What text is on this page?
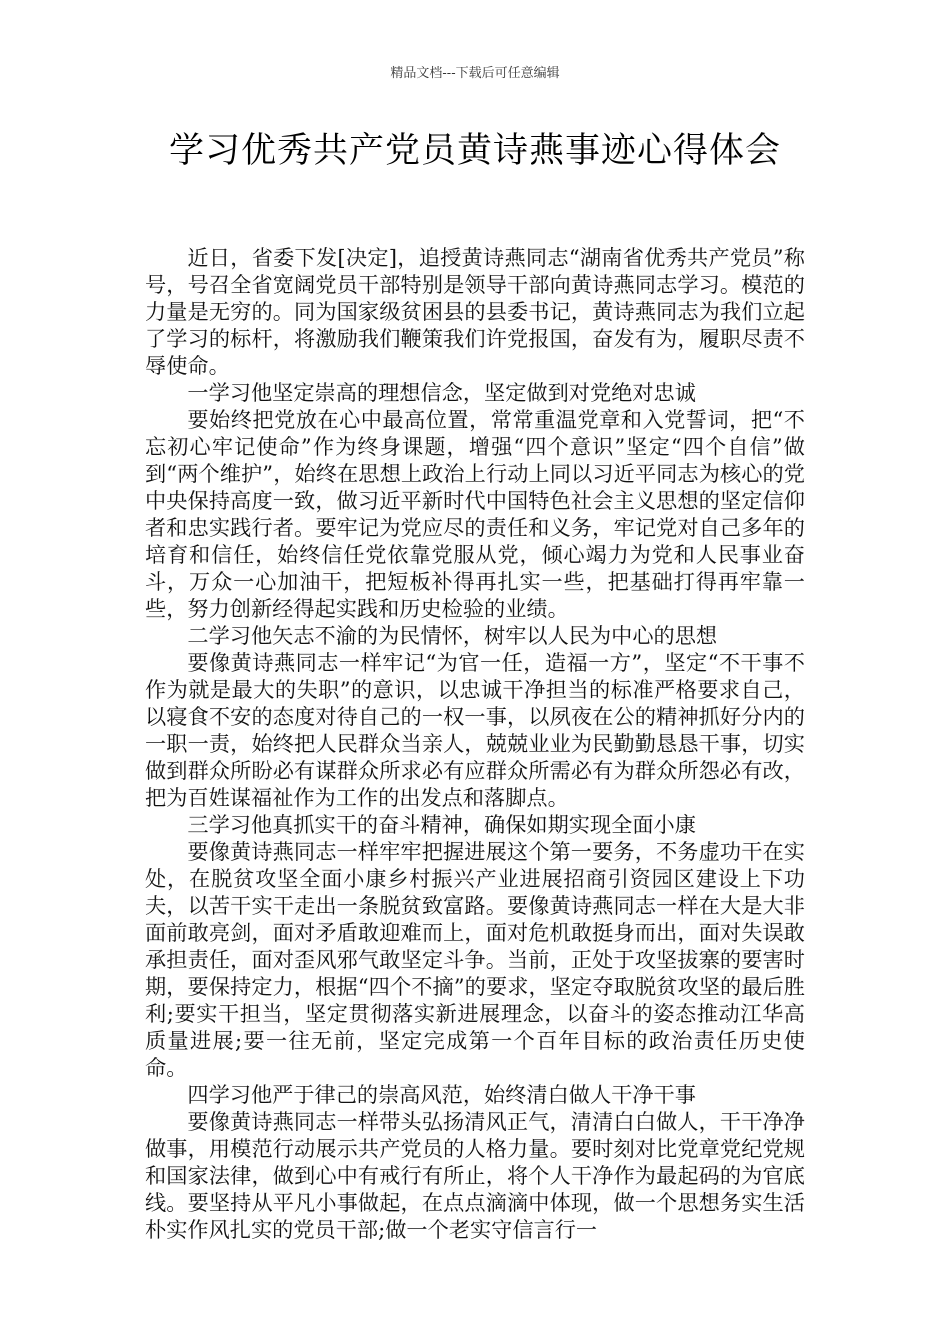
精品文档---下载后可任意编辑
学习优秀共产党员黄诗燕事迹心得体会

近日，省委下发[决定]，追授黄诗燕同志“湖南省优秀共产党员”称号，号召全省宽阔党员干部特别是领导干部向黄诗燕同志学习。模范的力量是无穷的。同为国家级贫困县的县委书记，黄诗燕同志为我们立起了学习的标杆，将激励我们鞭策我们许党报国，奋发有为，履职尽责不辱使命。

一学习他坚定崇高的理想信念，坚定做到对党绝对忠诚

要始终把党放在心中最高位置，常常重温党章和入党誓词，把“不忘初心牢记使命”作为终身课题，增强“四个意识”坚定“四个自信”做到“两个维护”，始终在思想上政治上行动上同以习近平同志为核心的党中央保持高度一致，做习近平新时代中国特色社会主义思想的坚定信仰者和忠实践行者。要牢记为党应尽的责任和义务，牢记党对自己多年的培育和信任，始终信任党依靠党服从党，倾心竭力为党和人民事业奋斗，万众一心加油干，把短板补得再扎实一些，把基础打得再牢靠一些，努力创新经得起实践和历史检验的业绩。

二学习他矢志不渝的为民情怀，树牢以人民为中心的思想

要像黄诗燕同志一样牢记“为官一任，造福一方”，坚定“不干事不作为就是最大的失职”的意识，以忠诚干净担当的标准严格要求自己，以寝食不安的态度对待自己的一权一事，以夙夜在公的精神抓好分内的一职一责，始终把人民群众当亲人，兢兢业业为民勤勤恳恳干事，切实做到群众所盼必有谋群众所求必有应群众所需必有为群众所怨必有改，把为百姓谋福祉作为工作的出发点和落脚点。

三学习他真抓实干的奋斗精神，确保如期实现全面小康

要像黄诗燕同志一样牢牢把握进展这个第一要务，不务虚功干在实处，在脱贫攻坚全面小康乡村振兴产业进展招商引资园区建设上下功夫，以苦干实干走出一条脱贫致富路。要像黄诗燕同志一样在大是大非面前敢亮剑，面对矛盾敢迎难而上，面对危机敢挺身而出，面对失误敢承担责任，面对歪风邪气敢坚定斗争。当前，正处于攻坚拔寨的要害时期，要保持定力，根据“四个不摘”的要求，坚定夺取脱贫攻坚的最后胜利;要实干担当，坚定贯彻落实新进展理念，以奋斗的姿态推动江华高质量进展;要一往无前，坚定完成第一个百年目标的政治责任历史使命。

四学习他严于律己的崇高风范，始终清白做人干净干事

要像黄诗燕同志一样带头弘扬清风正气，清清白白做人，干干净净做事，用模范行动展示共产党员的人格力量。要时刻对比党章党纪党规和国家法律，做到心中有戒行有所止，将个人干净作为最起码的为官底线。要坚持从平凡小事做起，在点点滴滴中体现，做一个思想务实生活朴实作风扎实的党员干部;做一个老实守信言行一
